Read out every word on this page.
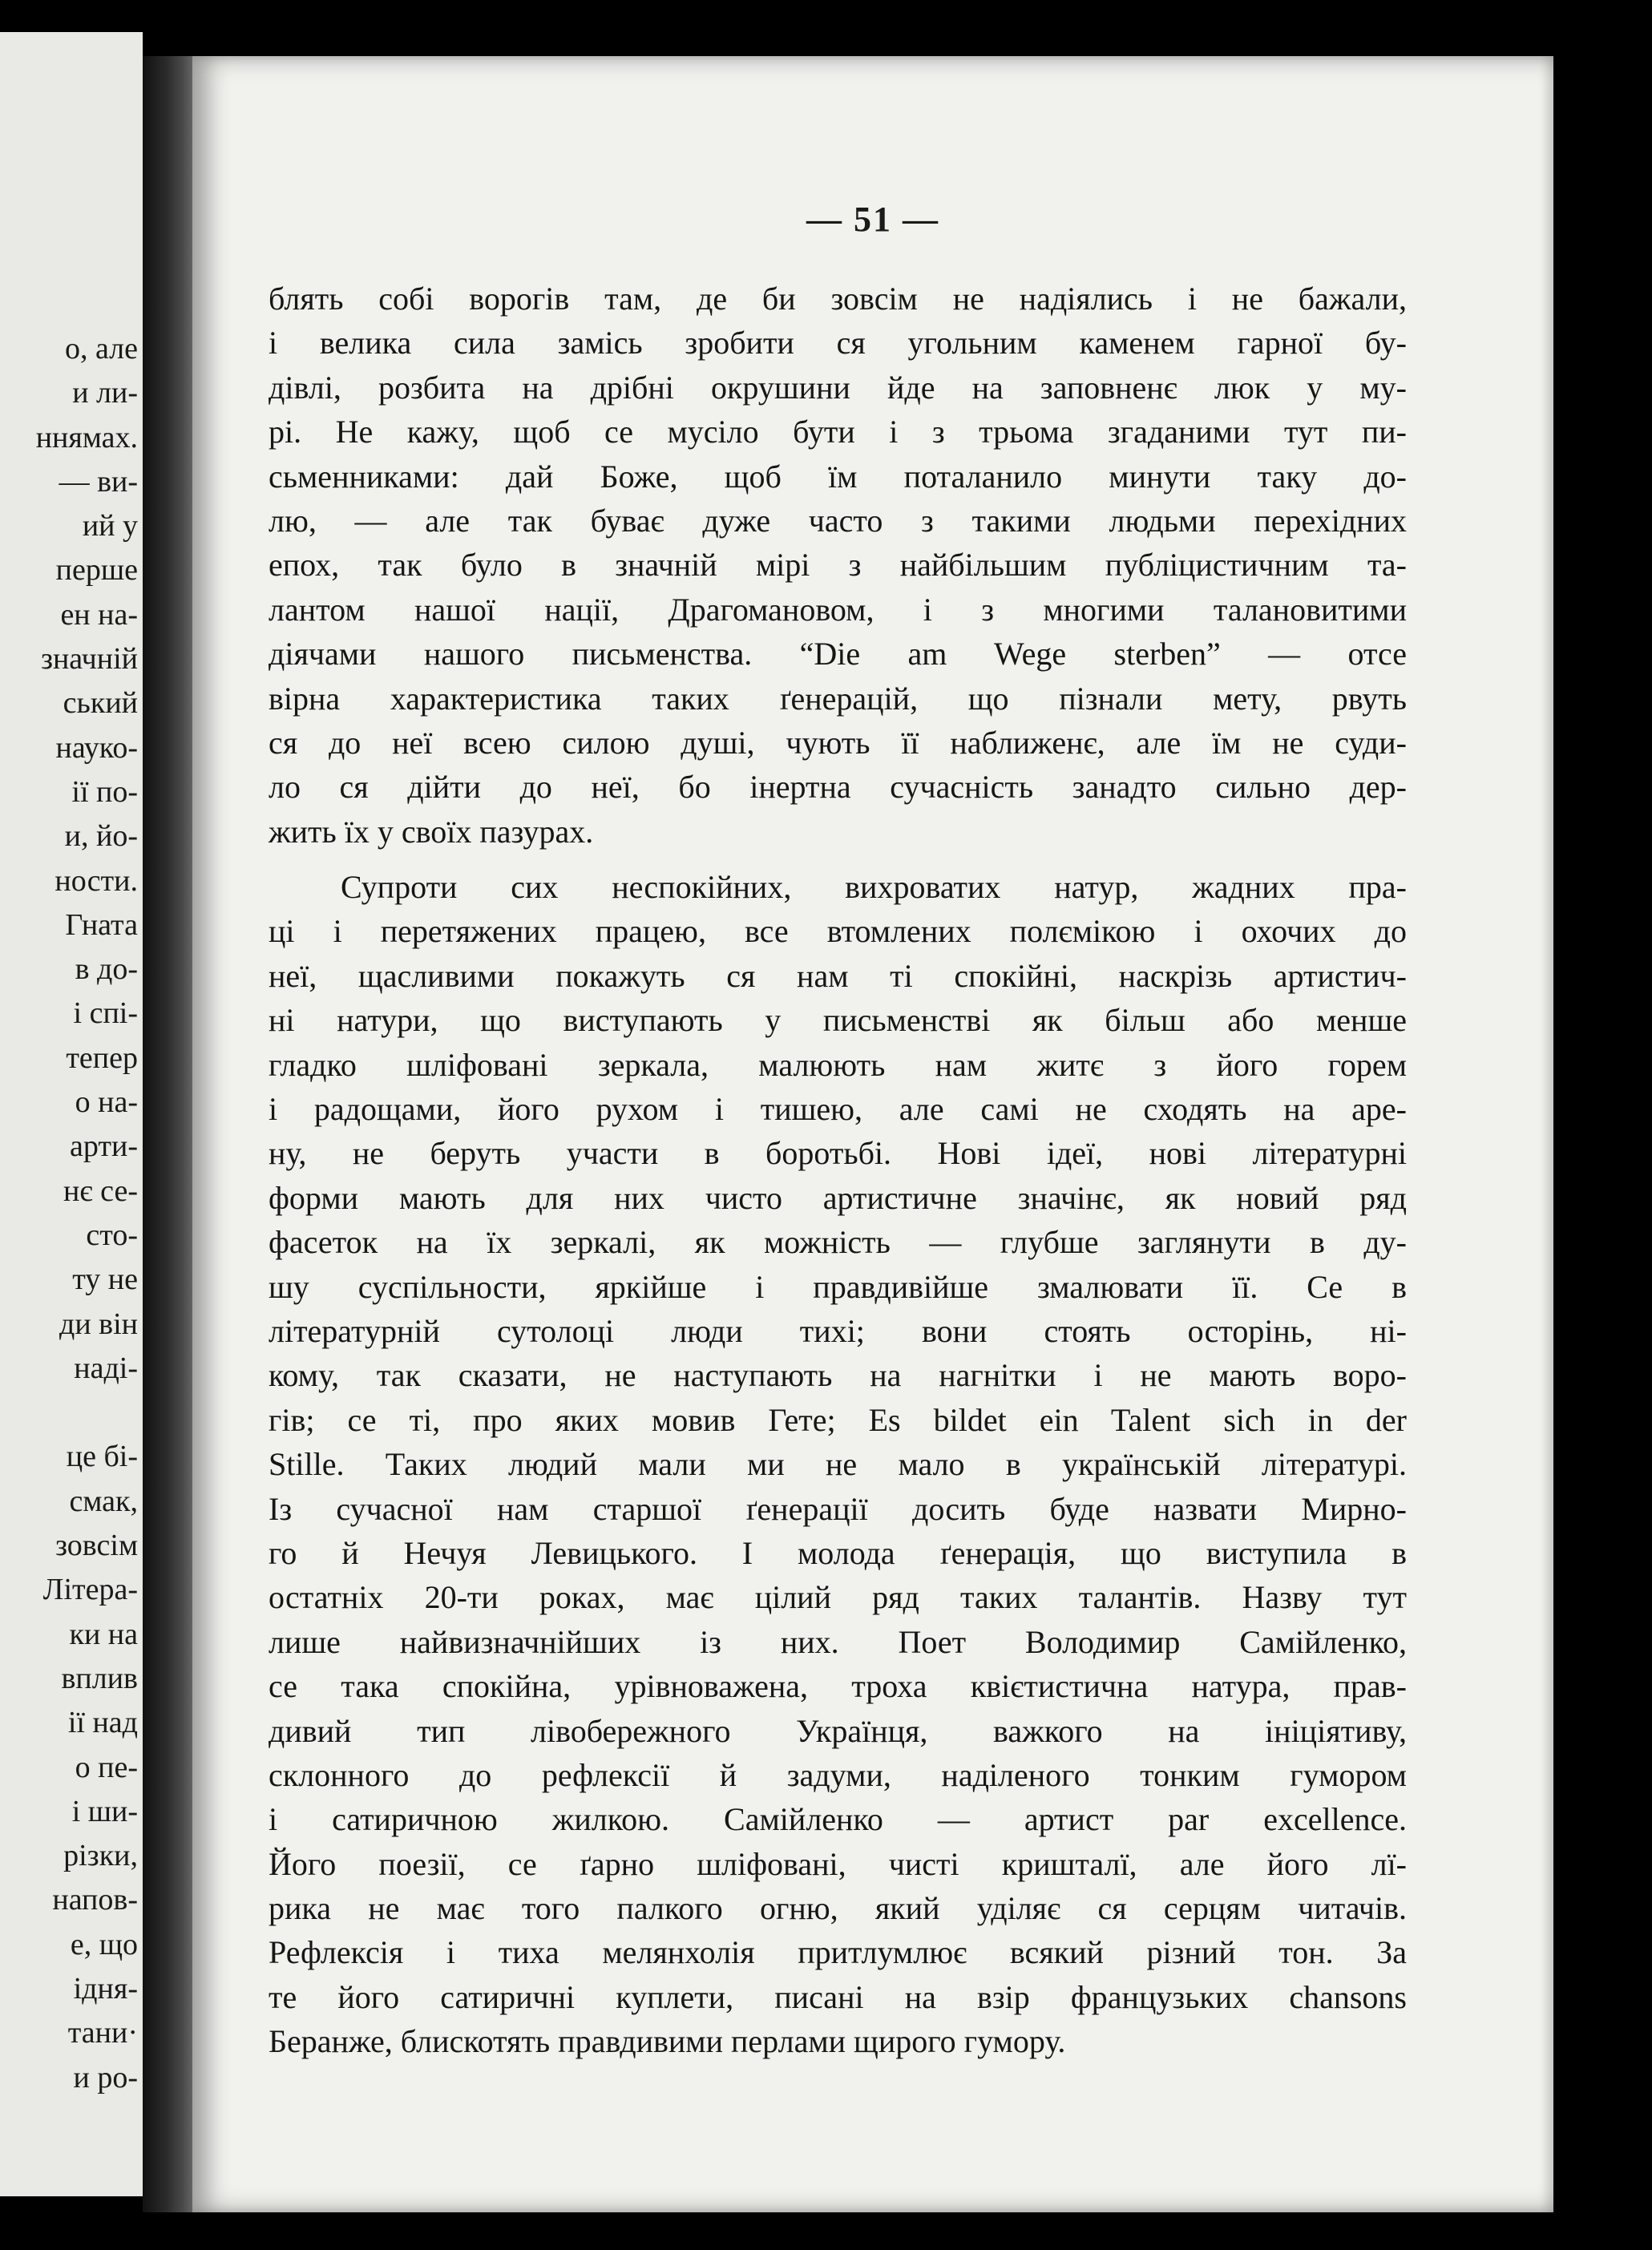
о, але
и ли-
ннямах.
— ви-
ий у
перше
ен на-
значній
ський
науко-
ії по-
и, йо-
ности.
Гната
в до-
і спі-
тепер
о на-
арти-
нє се-
сто-
ту не
ди він
наді-
це бі-
смак,
зовсім
Літера-
ки на
вплив
ії над
о пе-
і ши-
різки,
напов-
е, що
ідня-
тани·
и ро-
— 51 —
блять собі ворогів там, де би зовсім не надіялись і не бажали,
і велика сила замісь зробити ся угольним каменем гарної бу-
дівлі, розбита на дрібні окрушини йде на заповненє люк у му-
рі. Не кажу, щоб се мусіло бути і з трьома згаданими тут пи-
сьменниками: дай Боже, щоб їм поталанило минути таку до-
лю, — але так буває дуже часто з такими людьми перехідних
епох, так було в значній мірі з найбільшим публіцистичним та-
лантом нашої нації, Драгомановом, і з многими талановитими
діячами нашого письменства. “Die am Wege sterben” — отсе
вірна характеристика таких ґенерацій, що пізнали мету, рвуть
ся до неї всею силою душі, чують її наближенє, але їм не суди-
ло ся дійти до неї, бо інертна сучасність занадто сильно дер-
жить їх у своїх пазурах.
Супроти сих неспокійних, вихроватих натур, жадних пра-
ці і перетяжених працею, все втомлених полємікою і охочих до
неї, щасливими покажуть ся нам ті спокійні, наскрізь артистич-
ні натури, що виступають у письменстві як більш або менше
гладко шліфовані зеркала, малюють нам житє з його горем
і радощами, його рухом і тишею, але самі не сходять на аре-
ну, не беруть участи в боротьбі. Нові ідеї, нові літературні
форми мають для них чисто артистичне значінє, як новий ряд
фасеток на їх зеркалі, як можність — глубше заглянути в ду-
шу суспільности, яркійше і правдивійше змалювати її. Се в
літературній сутолоці люди тихі; вони стоять осторінь, ні-
кому, так сказати, не наступають на нагнітки і не мають воро-
гів; се ті, про яких мовив Гете; Es bildet ein Talent sich in der
Stille. Таких людий мали ми не мало в українській літературі.
Із сучасної нам старшої ґенерації досить буде назвати Мирно-
го й Нечуя Левицького. І молода ґенерація, що виступила в
остатніх 20-ти роках, має цілий ряд таких талантів. Назву тут
лише найвизначнійших із них. Поет Володимир Самійленко,
се така спокійна, урівноважена, троха квієтистична натура, прав-
дивий тип лівобережного Українця, важкого на ініціятиву,
склонного до рефлексії й задуми, наділеного тонким гумором
і сатиричною жилкою. Самійленко — артист par excellence.
Його поезії, се ґарно шліфовані, чисті кришталї, але його лї-
рика не має того палкого огню, який уділяє ся серцям читачів.
Рефлексія і тиха мелянхолія притлумлює всякий різний тон. За
те його сатиричні куплети, писані на взір французьких chansons
Беранже, блискотять правдивими перлами щирого гумору.
